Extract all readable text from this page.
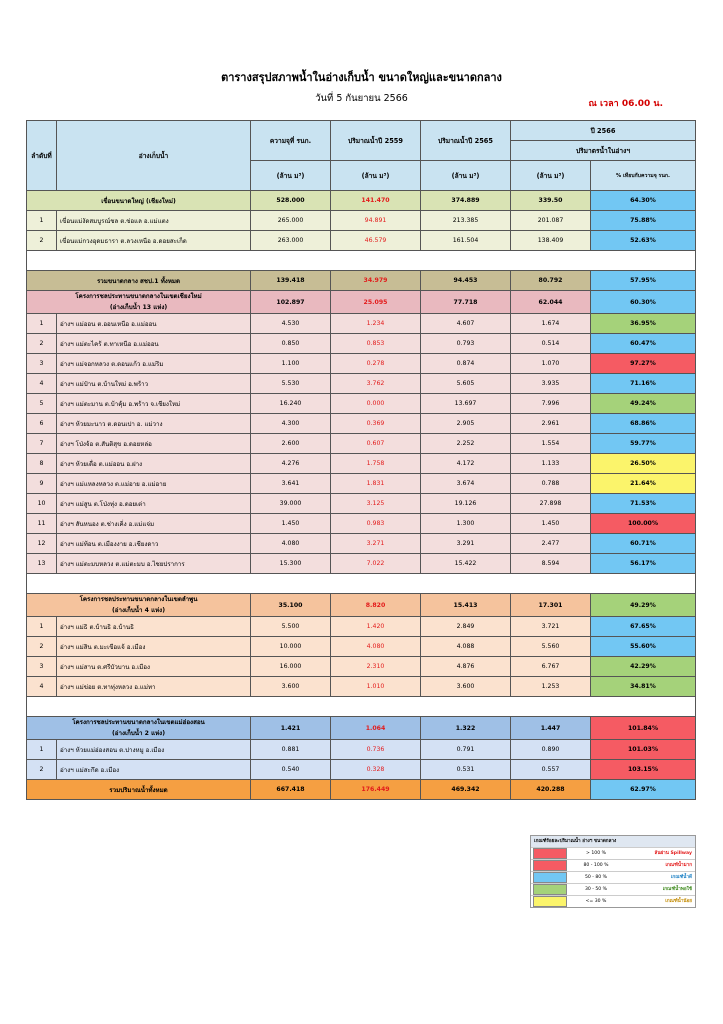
ตารางสรุปสภาพน้ำในอ่างเก็บน้ำ ขนาดใหญ่และขนาดกลาง
วันที่ 5 กันยายน 2566	ณ เวลา 06.00 น.
ลำดับที่	อ่างเก็บน้ำ	ความจุที่ รนก.	ปริมาณน้ำปี 2559	ปริมาณน้ำปี 2565	ปี 2566	
					ปริมาตรน้ำในอ่างฯ	
		(ล้าน ม³)	(ล้าน ม³)	(ล้าน ม³)	(ล้าน ม³)	% เทียบกับความจุ รนก.
เขื่อนขนาดใหญ่ (เชียงใหม่)		528.000	141.470	374.889	339.50	64.30%
1	เขื่อนแม่งัดสมบูรณ์ชล ต.ช่อแล อ.แม่แตง	265.000	94.891	213.385	201.087	75.88%
2	เขื่อนแม่กวงอุดมธารา ต.ลวงเหนือ อ.ดอยสะเก็ด	263.000	46.579	161.504	138.409	52.63%

รวมขนาดกลาง สชป.1 ทั้งหมด		139.418	34.979	94.453	80.792	57.95%
โครงการชลประทานขนาดกลางในเขตเชียงใหม่
(อ่างเก็บน้ำ 13 แห่ง)		102.897	25.095	77.718	62.044	60.30%
1	อ่างฯ แม่ออน ต.ออนเหนือ อ.แม่ออน	4.530	1.234	4.607	1.674	36.95%
2	อ่างฯ แม่ตะไคร้ ต.ทาเหนือ อ.แม่ออน	0.850	0.853	0.793	0.514	60.47%
3	อ่างฯ แม่จอกหลวง ต.ดอนแก้ว อ.แม่ริม	1.100	0.278	0.874	1.070	97.27%
4	อ่างฯ แม่ป๋าน ต.บ้านใหม่ อ.พร้าว	5.530	3.762	5.605	3.935	71.16%
5	อ่างฯ แม่ตะมาน ต.บ้าคุ้ม อ.พร้าว จ.เชียงใหม่	16.240	0.000	13.697	7.996	49.24%
6	อ่างฯ ห้วยมะนาว ต.ดอนเปา อ. แม่วาง	4.300	0.369	2.905	2.961	68.86%
7	อ่างฯ โป่งจ้อ ต.สันติสุข อ.ดอยหล่อ	2.600	0.607	2.252	1.554	59.77%
8	อ่างฯ ห้วยเดื่อ ต.แม่ออน อ.ฝาง	4.276	1.758	4.172	1.133	26.50%
9	อ่างฯ แม่แหลงหลวง ต.แม่อาย อ.แม่อาย	3.641	1.831	3.674	0.788	21.64%
10	อ่างฯ แม่สูน ต.โป่งทุ่ง อ.ดอยเต่า	39.000	3.125	19.126	27.898	71.53%
11	อ่างฯ สันหนอง ต.ช่างเคิ่ง อ.แม่แจ่ม	1.450	0.983	1.300	1.450	100.00%
12	อ่างฯ แม่ท้อน ต.เมืองงาย อ.เชียงดาว	4.080	3.271	3.291	2.477	60.71%
13	อ่างฯ แม่ตะมบหลวง ต.แม่ตะมบ อ.ไชยปราการ	15.300	7.022	15.422	8.594	56.17%

โครงการชลประทานขนาดกลางในเขตลำพูน
(อ่างเก็บน้ำ 4 แห่ง)		35.100	8.820	15.413	17.301	49.29%
1	อ่างฯ แม่ธิ ต.บ้านธิ อ.บ้านธิ	5.500	1.420	2.849	3.721	67.65%
2	อ่างฯ แม่สิน ต.มะเขือแจ้ อ.เมือง	10.000	4.080	4.088	5.560	55.60%
3	อ่างฯ แม่สาน ต.ศรีบัวบาน อ.เมือง	16.000	2.310	4.876	6.767	42.29%
4	อ่างฯ แม่ข่อย ต.ทาทุ่งหลวง อ.แม่ทา	3.600	1.010	3.600	1.253	34.81%

โครงการชลประทานขนาดกลางในเขตแม่ฮ่องสอน
(อ่างเก็บน้ำ 2 แห่ง)		1.421	1.064	1.322	1.447	101.84%
1	อ่างฯ ห้วยแม่ฮ่องสอน ต.ปางหมู อ.เมือง	0.881	0.736	0.791	0.890	101.03%
2	อ่างฯ แม่สะกึด อ.เมือง	0.540	0.328	0.531	0.557	103.15%
รวมปริมาณน้ำทั้งหมด		667.418	176.449	469.342	420.288	62.97%
เกณฑ์ร้อยละปริมาณน้ำ อ่างฯ ขนาดกลาง
> 100 %	ล้นผ่าน Spillway
80 - 100 %	เกณฑ์น้ำมาก
50 - 80 %	เกณฑ์น้ำดี
30 - 50 %	เกณฑ์น้ำพอใช้
<= 30 %	เกณฑ์น้ำน้อย
